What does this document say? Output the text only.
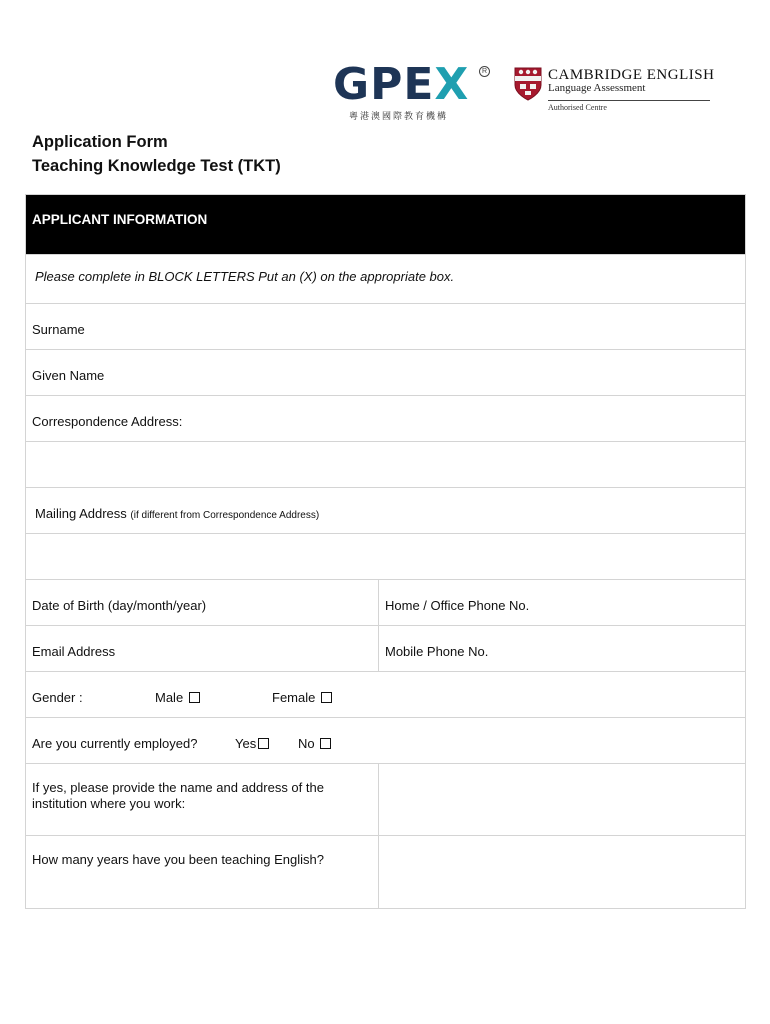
GPEX	R
粵港澳國際教育機構
CAMBRIDGE ENGLISH
Language Assessment
Authorised Centre
Application Form
Teaching Knowledge Test (TKT)
APPLICANT INFORMATION
Please complete in BLOCK LETTERS Put an (X) on the appropriate box.
Surname
Given Name
Correspondence Address:
Mailing Address (if different from Correspondence Address)
Date of Birth (day/month/year)	Home / Office Phone No.
Email Address	Mobile Phone No.
Gender :	Male	Female
Are you currently employed?	Yes	No
If yes, please provide the name and address of the institution where you work:
How many years have you been teaching English?
